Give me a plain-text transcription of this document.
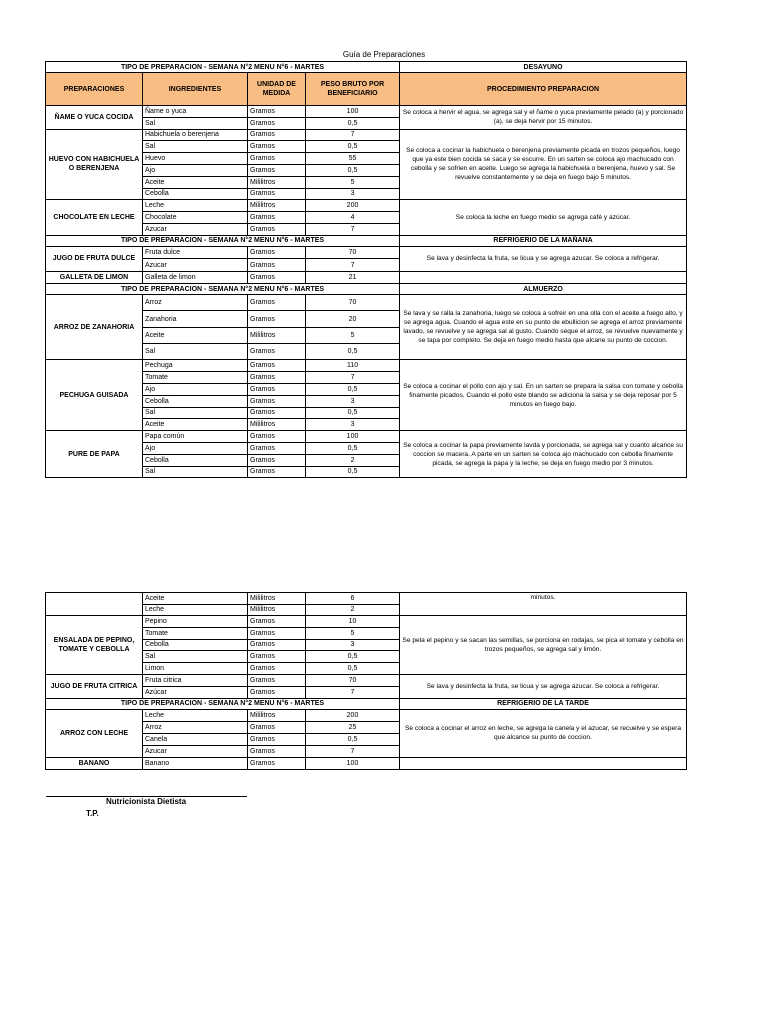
Guía de Preparaciones
TIPO DE PREPARACION - SEMANA N°2 MENU N°6 - MARTES				DESAYUNO
PREPARACIONES	INGREDIENTES	UNIDAD DE MEDIDA	PESO BRUTO POR BENEFICIARIO	PROCEDIMIENTO PREPARACION
ÑAME O YUCA COCIDA	Ñame o yuca	Gramos	100	Se coloca a hervir el agua, se agrega sal y el ñame o yuca previamente pelado (a) y porcionado (a), se deja hervir por 15 minutos.
	Sal	Gramos	0,5	
HUEVO CON HABICHUELA O BERENJENA	Habichuela o berenjena	Gramos	7	Se coloca a cocinar la habichuela o berenjena previamente picada en trozos pequeños, luego que ya este bien cocida se saca y se escurre. En un sarten se coloca ajo machucado con cebolla y se sofrien en aceite. Luego se agrega la habichuela o berenjena, huevo y sal. Se revuelve constantemente y se deja en fuego bajo 5 minutos.
	Sal	Gramos	0,5	
	Huevo	Gramos	55	
	Ajo	Gramos	0,5	
	Aceite	Mililitros	5	
	Cebolla	Gramos	3	
CHOCOLATE EN LECHE	Leche	Mililitros	200	Se coloca la leche en fuego medio se agrega café y azúcar.
	Chocolate	Gramos	4	
	Azucar	Gramos	7	
TIPO DE PREPARACION - SEMANA N°2 MENU N°6 - MARTES				REFRIGERIO DE LA MAÑANA
JUGO DE FRUTA DULCE	Fruta dulce	Gramos	70	Se lava y desinfecta la fruta, se licua y se agrega azucar. Se coloca a refrigerar.
	Azucar	Gramos	7	
GALLETA DE LIMON	Galleta de limon	Gramos	21	
TIPO DE PREPARACION - SEMANA N°2 MENU N°6 - MARTES				ALMUERZO
ARROZ DE ZANAHORIA	Arroz	Gramos	70	Se lava y se ralla la zanahoria, luego se coloca a sofreir en una olla con el aceite a fuego alto, y se agrega agua. Cuando el agua este en su punto de ebullicion se agrega el arroz previamente lavado, se revuelve y se agrega sal al gusto. Cuando seque el arroz, se revuelve nuevamente y se tapa por completo. Se deja en fuego medio hasta que alcane su punto de coccion.
	Zanahoria	Gramos	20	
	Aceite	Mililitros	5	
	Sal	Gramos	0,5	
PECHUGA GUISADA	Pechuga	Gramos	110	Se coloca a cocinar el pollo con ajo y sal. En un sarten se prepara la salsa con tomate y cebolla finamente picados. Cuando el pollo este blando se adiciona la salsa y se deja reposar por 5 minutos en fuego bajo.
	Tomate	Gramos	7	
	Ajo	Gramos	0,5	
	Cebolla	Gramos	3	
	Sal	Gramos	0,5	
	Aceite	Mililitros	3	
PURE DE PAPA	Papa común	Gramos	100	Se coloca a cocinar la papa previamente lavda y porcionada, se agrega sal y cuanto alcance su coccion se macera. A parte en un sarten se coloca ajo machucado con cebolla finamente picada, se agrega la papa y la leche, se deja en fuego medio por 3 minutos.
	Ajo	Gramos	0,5	
	Cebolla	Gramos	2	
	Sal	Gramos	0,5	
	Aceite	Mililitros	6	minutos.
	Leche	Mililitros	2	
ENSALADA DE PEPINO, TOMATE Y CEBOLLA	Pepino	Gramos	10	Se pela el pepino y se sacan las semillas, se porciona en rodajas, se pica el tomate y cebolla en trozos pequeños, se agrega sal y limón.
	Tomate	Gramos	5	
	Cebolla	Gramos	3	
	Sal	Gramos	0,5	
	Limon	Gramos	0,5	
JUGO DE FRUTA CITRICA	Fruta citrica	Gramos	70	Se lava y desinfecta la fruta, se licua y se agrega azucar. Se coloca a refrigerar.
	Azúcar	Gramos	7	
TIPO DE PREPARACION - SEMANA N°2 MENU N°6 - MARTES				REFRIGERIO DE LA TARDE
ARROZ CON LECHE	Leche	Mililitros	200	Se coloca a cocinar el arroz en leche, se agrega la canela y el azucar, se recuelve y se espera que alcance su punto de coccion.
	Arroz	Gramos	25	
	Canela	Gramos	0,5	
	Azucar	Gramos	7	
BANANO	Banano	Gramos	100	
Nutricionista Dietista
T.P.
